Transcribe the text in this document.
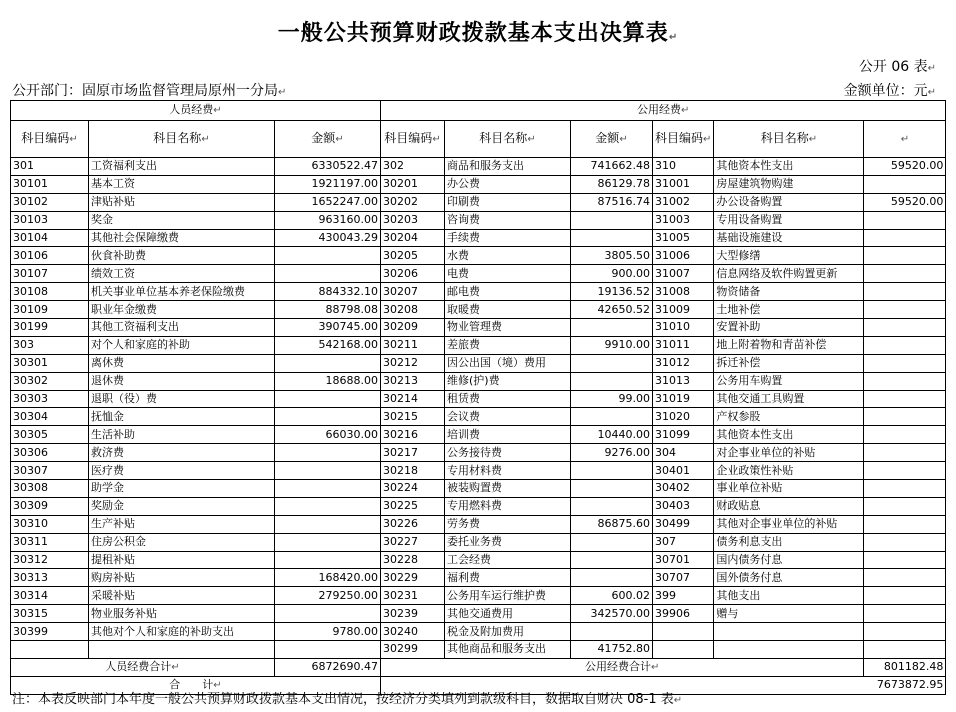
一般公共预算财政拨款基本支出决算表↵
公开 06 表↵
公开部门：固原市场监督管理局原州一分局↵	金额单位：元↵
人员经费↵			公用经费↵					
科目编码↵	科目名称↵	金额↵	科目编码↵	科目名称↵	金额↵	科目编码↵	科目名称↵	↵
301	工资福利支出	6330522.47	302	商品和服务支出	741662.48	310	其他资本性支出	59520.00
30101	基本工资	1921197.00	30201	办公费	86129.78	31001	房屋建筑物购建	
30102	津贴补贴	1652247.00	30202	印刷费	87516.74	31002	办公设备购置	59520.00
30103	奖金	963160.00	30203	咨询费		31003	专用设备购置	
30104	其他社会保障缴费	430043.29	30204	手续费		31005	基础设施建设	
30106	伙食补助费		30205	水费	3805.50	31006	大型修缮	
30107	绩效工资		30206	电费	900.00	31007	信息网络及软件购置更新	
30108	机关事业单位基本养老保险缴费	884332.10	30207	邮电费	19136.52	31008	物资储备	
30109	职业年金缴费	88798.08	30208	取暖费	42650.52	31009	土地补偿	
30199	其他工资福利支出	390745.00	30209	物业管理费		31010	安置补助	
303	对个人和家庭的补助	542168.00	30211	差旅费	9910.00	31011	地上附着物和青苗补偿	
30301	离休费		30212	因公出国（境）费用		31012	拆迁补偿	
30302	退休费	18688.00	30213	维修(护)费		31013	公务用车购置	
30303	退职（役）费		30214	租赁费	99.00	31019	其他交通工具购置	
30304	抚恤金		30215	会议费		31020	产权参股	
30305	生活补助	66030.00	30216	培训费	10440.00	31099	其他资本性支出	
30306	救济费		30217	公务接待费	9276.00	304	对企事业单位的补贴	
30307	医疗费		30218	专用材料费		30401	企业政策性补贴	
30308	助学金		30224	被装购置费		30402	事业单位补贴	
30309	奖励金		30225	专用燃料费		30403	财政贴息	
30310	生产补贴		30226	劳务费	86875.60	30499	其他对企事业单位的补贴	
30311	住房公积金		30227	委托业务费		307	债务利息支出	
30312	提租补贴		30228	工会经费		30701	国内债务付息	
30313	购房补贴	168420.00	30229	福利费		30707	国外债务付息	
30314	采暖补贴	279250.00	30231	公务用车运行维护费	600.02	399	其他支出	
30315	物业服务补贴		30239	其他交通费用	342570.00	39906	赠与	
30399	其他对个人和家庭的补助支出	9780.00	30240	税金及附加费用				
			30299	其他商品和服务支出	41752.80			
人员经费合计↵		6872690.47	公用经费合计↵					801182.48
合　　计↵			7673872.95					
注：本表反映部门本年度一般公共预算财政拨款基本支出情况，按经济分类填列到款级科目，数据取自财决 08-1 表↵
